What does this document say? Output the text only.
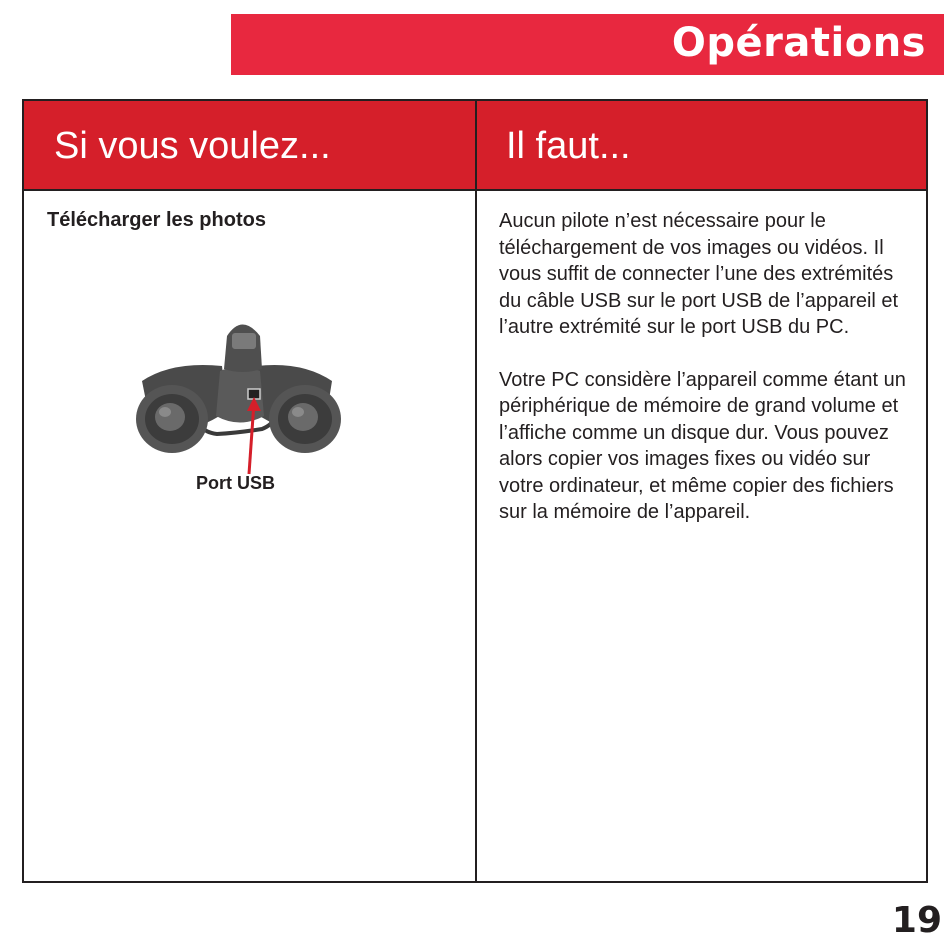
Opérations
Si vous voulez...	Il faut...
Télécharger les photos
Port USB

Aucun pilote n’est nécessaire pour le téléchargement de vos images ou vidéos. Il vous suffit de connecter l’une des extrémités du câble USB sur le port USB de l’appareil et l’autre extrémité sur le port USB du PC.

Votre PC considère l’appareil comme étant un périphérique de mémoire de grand volume et l’affiche comme un disque dur. Vous pouvez alors copier vos images fixes ou vidéo sur votre ordinateur, et même copier des fichiers sur la mémoire de l’appareil.

19
